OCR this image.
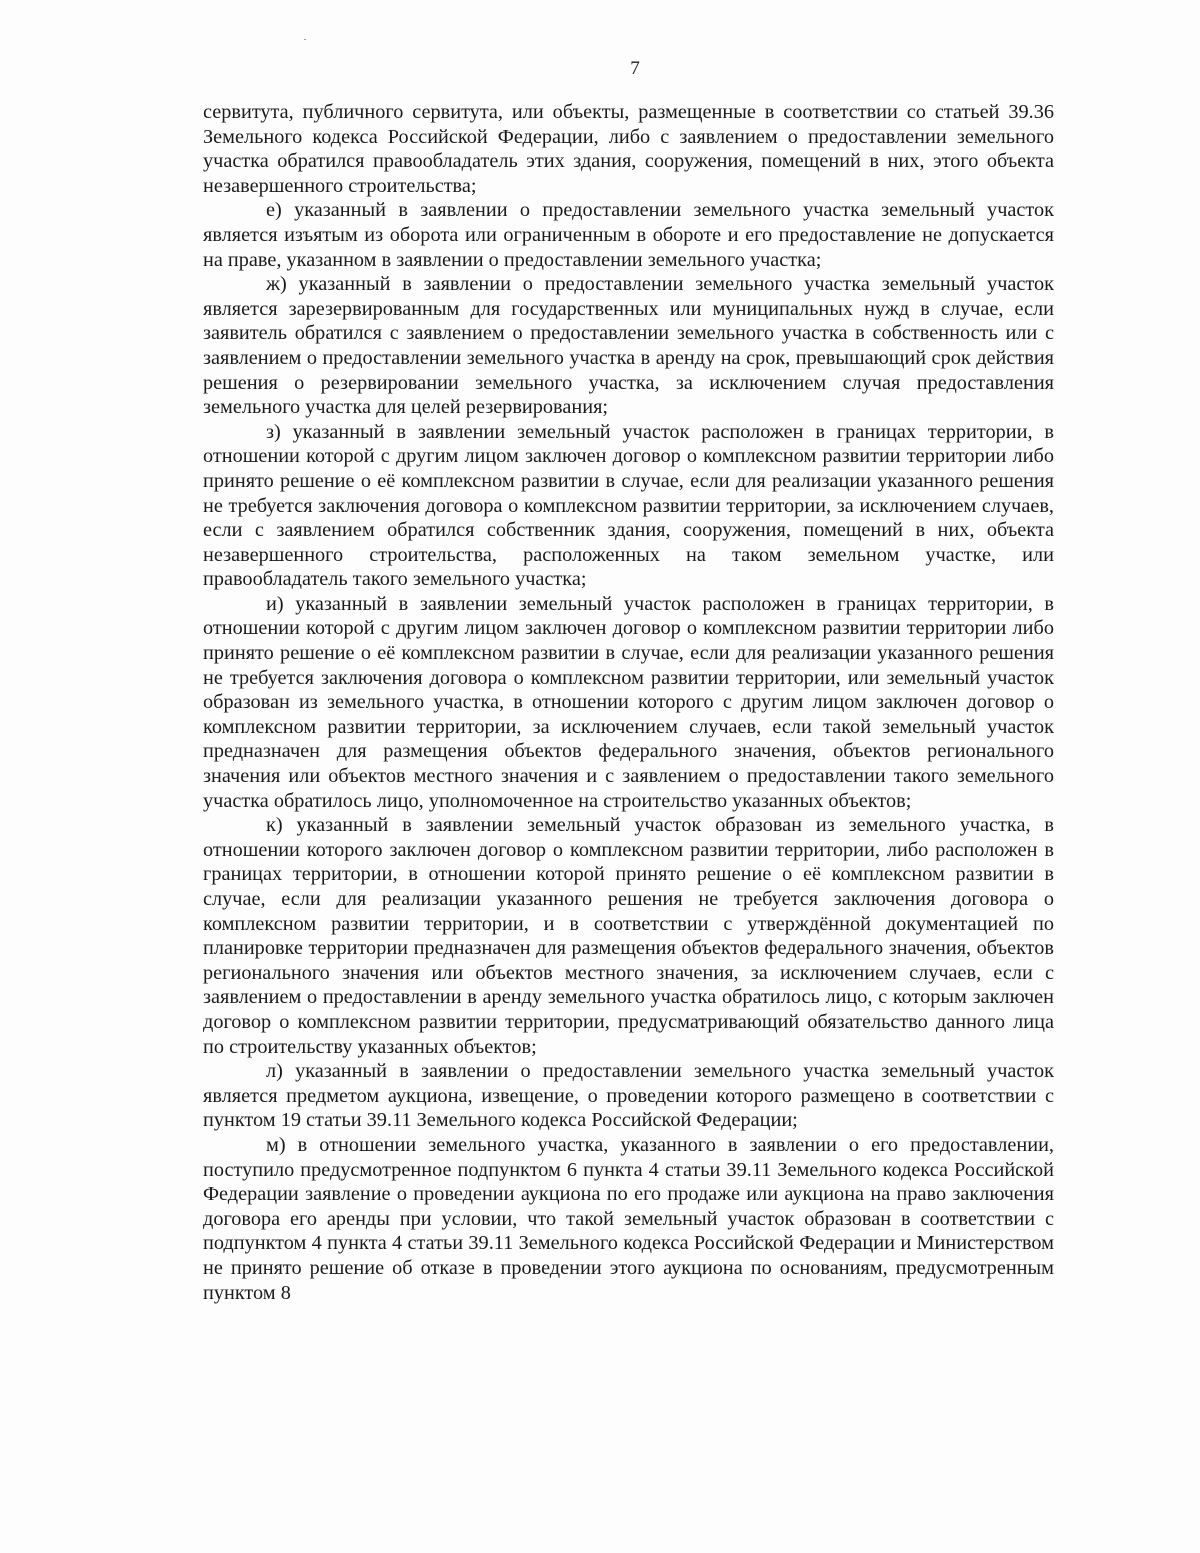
7

сервитута, публичного сервитута, или объекты, размещенные в соответствии со статьей 39.36 Земельного кодекса Российской Федерации, либо с заявлением о предоставлении земельного участка обратился правообладатель этих здания, сооружения, помещений в них, этого объекта незавершенного строительства;

е) указанный в заявлении о предоставлении земельного участка земельный участок является изъятым из оборота или ограниченным в обороте и его предоставление не допускается на праве, указанном в заявлении о предоставлении земельного участка;

ж) указанный в заявлении о предоставлении земельного участка земельный участок является зарезервированным для государственных или муниципальных нужд в случае, если заявитель обратился с заявлением о предоставлении земельного участка в собственность или с заявлением о предоставлении земельного участка в аренду на срок, превышающий срок действия решения о резервировании земельного участка, за исключением случая предоставления земельного участка для целей резервирования;

з) указанный в заявлении земельный участок расположен в границах территории, в отношении которой с другим лицом заключен договор о комплексном развитии территории либо принято решение о её комплексном развитии в случае, если для реализации указанного решения не требуется заключения договора о комплексном развитии территории, за исключением случаев, если с заявлением обратился собственник здания, сооружения, помещений в них, объекта незавершенного строительства, расположенных на таком земельном участке, или правообладатель такого земельного участка;

и) указанный в заявлении земельный участок расположен в границах территории, в отношении которой с другим лицом заключен договор о комплексном развитии территории либо принято решение о её комплексном развитии в случае, если для реализации указанного решения не требуется заключения договора о комплексном развитии территории, или земельный участок образован из земельного участка, в отношении которого с другим лицом заключен договор о комплексном развитии территории, за исключением случаев, если такой земельный участок предназначен для размещения объектов федерального значения, объектов регионального значения или объектов местного значения и с заявлением о предоставлении такого земельного участка обратилось лицо, уполномоченное на строительство указанных объектов;

к) указанный в заявлении земельный участок образован из земельного участка, в отношении которого заключен договор о комплексном развитии территории, либо расположен в границах территории, в отношении которой принято решение о её комплексном развитии в случае, если для реализации указанного решения не требуется заключения договора о комплексном развитии территории, и в соответствии с утверждённой документацией по планировке территории предназначен для размещения объектов федерального значения, объектов регионального значения или объектов местного значения, за исключением случаев, если с заявлением о предоставлении в аренду земельного участка обратилось лицо, с которым заключен договор о комплексном развитии территории, предусматривающий обязательство данного лица по строительству указанных объектов;

л) указанный в заявлении о предоставлении земельного участка земельный участок является предметом аукциона, извещение, о проведении которого размещено в соответствии с пунктом 19 статьи 39.11 Земельного кодекса Российской Федерации;

м) в отношении земельного участка, указанного в заявлении о его предоставлении, поступило предусмотренное подпунктом 6 пункта 4 статьи 39.11 Земельного кодекса Российской Федерации заявление о проведении аукциона по его продаже или аукциона на право заключения договора его аренды при условии, что такой земельный участок образован в соответствии с подпунктом 4 пункта 4 статьи 39.11 Земельного кодекса Российской Федерации и Министерством не принято решение об отказе в проведении этого аукциона по основаниям, предусмотренным пунктом 8
